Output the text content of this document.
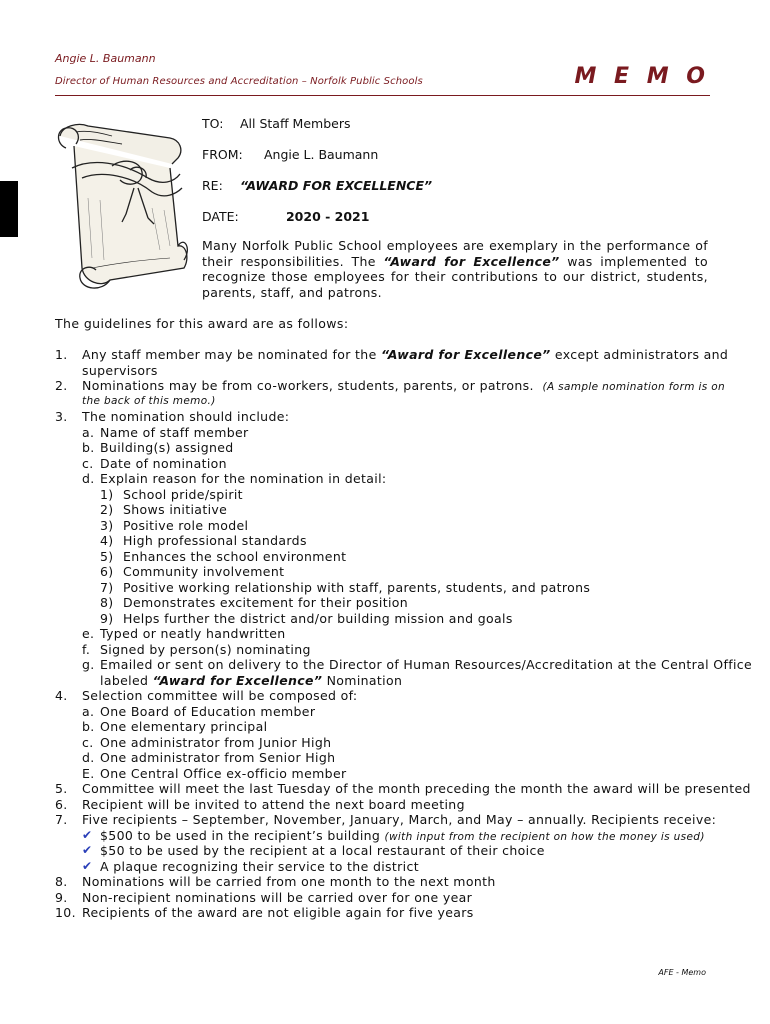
Angie L. Baumann
Director of Human Resources and Accreditation – Norfolk Public Schools	M E M O
TO: All Staff Members
FROM: Angie L. Baumann
RE: “AWARD FOR EXCELLENCE”
DATE:	2020 - 2021
Many Norfolk Public School employees are exemplary in the performance of their responsibilities. The “Award for Excellence” was implemented to recognize those employees for their contributions to our district, students, parents, staff, and patrons.
The guidelines for this award are as follows:
1. Any staff member may be nominated for the “Award for Excellence” except administrators and
supervisors
2. Nominations may be from co-workers, students, parents, or patrons. (A sample nomination form is on
the back of this memo.)
3. The nomination should include:
a. Name of staff member
b. Building(s) assigned
c. Date of nomination
d. Explain reason for the nomination in detail:
1) School pride/spirit
2) Shows initiative
3) Positive role model
4) High professional standards
5) Enhances the school environment
6) Community involvement
7) Positive working relationship with staff, parents, students, and patrons
8) Demonstrates excitement for their position
9) Helps further the district and/or building mission and goals
e. Typed or neatly handwritten
f. Signed by person(s) nominating
g. Emailed or sent on delivery to the Director of Human Resources/Accreditation at the Central Office
labeled “Award for Excellence” Nomination
4. Selection committee will be composed of:
a. One Board of Education member
b. One elementary principal
c. One administrator from Junior High
d. One administrator from Senior High
E. One Central Office ex-officio member
5. Committee will meet the last Tuesday of the month preceding the month the award will be presented
6. Recipient will be invited to attend the next board meeting
7. Five recipients – September, November, January, March, and May – annually. Recipients receive:
✔ $500 to be used in the recipient’s building (with input from the recipient on how the money is used)
✔ $50 to be used by the recipient at a local restaurant of their choice
✔ A plaque recognizing their service to the district
8. Nominations will be carried from one month to the next month
9. Non-recipient nominations will be carried over for one year
10. Recipients of the award are not eligible again for five years
AFE - Memo
